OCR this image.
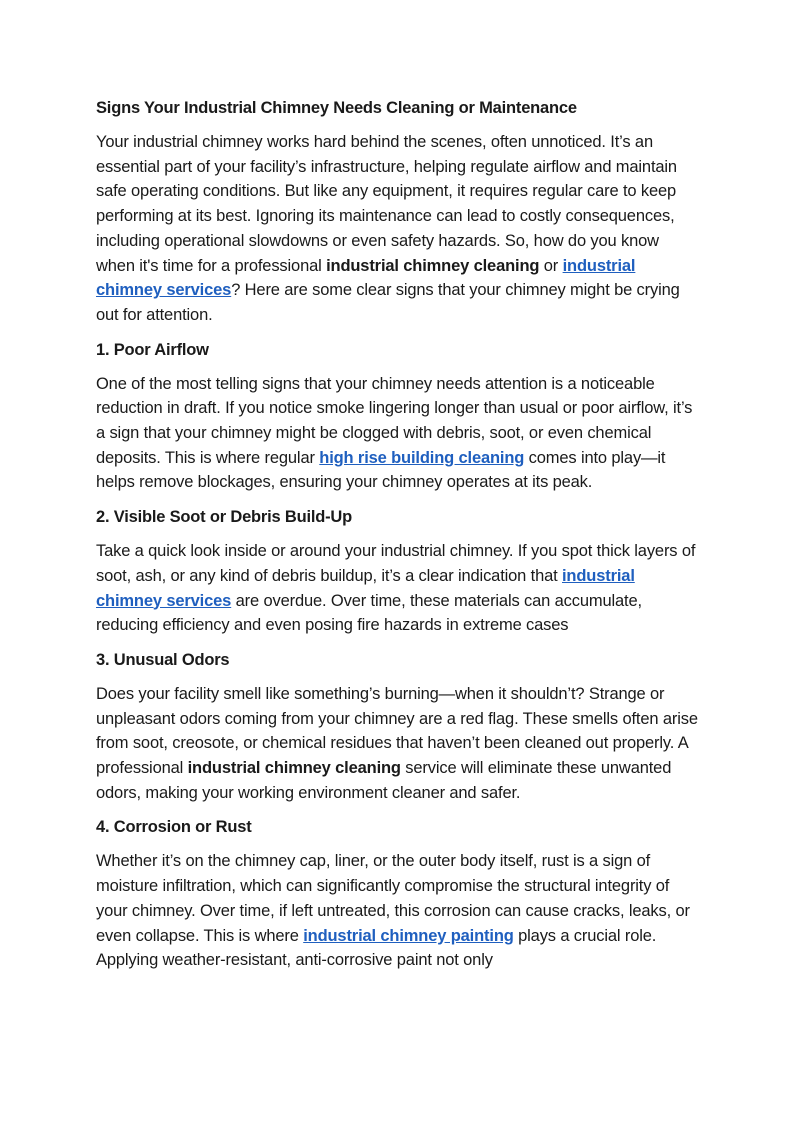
Signs Your Industrial Chimney Needs Cleaning or Maintenance

Your industrial chimney works hard behind the scenes, often unnoticed. It’s an essential part of your facility’s infrastructure, helping regulate airflow and maintain safe operating conditions. But like any equipment, it requires regular care to keep performing at its best. Ignoring its maintenance can lead to costly consequences, including operational slowdowns or even safety hazards. So, how do you know when it's time for a professional industrial chimney cleaning or industrial chimney services? Here are some clear signs that your chimney might be crying out for attention.

1. Poor Airflow

One of the most telling signs that your chimney needs attention is a noticeable reduction in draft. If you notice smoke lingering longer than usual or poor airflow, it’s a sign that your chimney might be clogged with debris, soot, or even chemical deposits. This is where regular high rise building cleaning comes into play—it helps remove blockages, ensuring your chimney operates at its peak.

2. Visible Soot or Debris Build-Up

Take a quick look inside or around your industrial chimney. If you spot thick layers of soot, ash, or any kind of debris buildup, it’s a clear indication that industrial chimney services are overdue. Over time, these materials can accumulate, reducing efficiency and even posing fire hazards in extreme cases

3. Unusual Odors

Does your facility smell like something’s burning—when it shouldn’t? Strange or unpleasant odors coming from your chimney are a red flag. These smells often arise from soot, creosote, or chemical residues that haven’t been cleaned out properly. A professional industrial chimney cleaning service will eliminate these unwanted odors, making your working environment cleaner and safer.

4. Corrosion or Rust

Whether it’s on the chimney cap, liner, or the outer body itself, rust is a sign of moisture infiltration, which can significantly compromise the structural integrity of your chimney. Over time, if left untreated, this corrosion can cause cracks, leaks, or even collapse. This is where industrial chimney painting plays a crucial role. Applying weather-resistant, anti-corrosive paint not only
